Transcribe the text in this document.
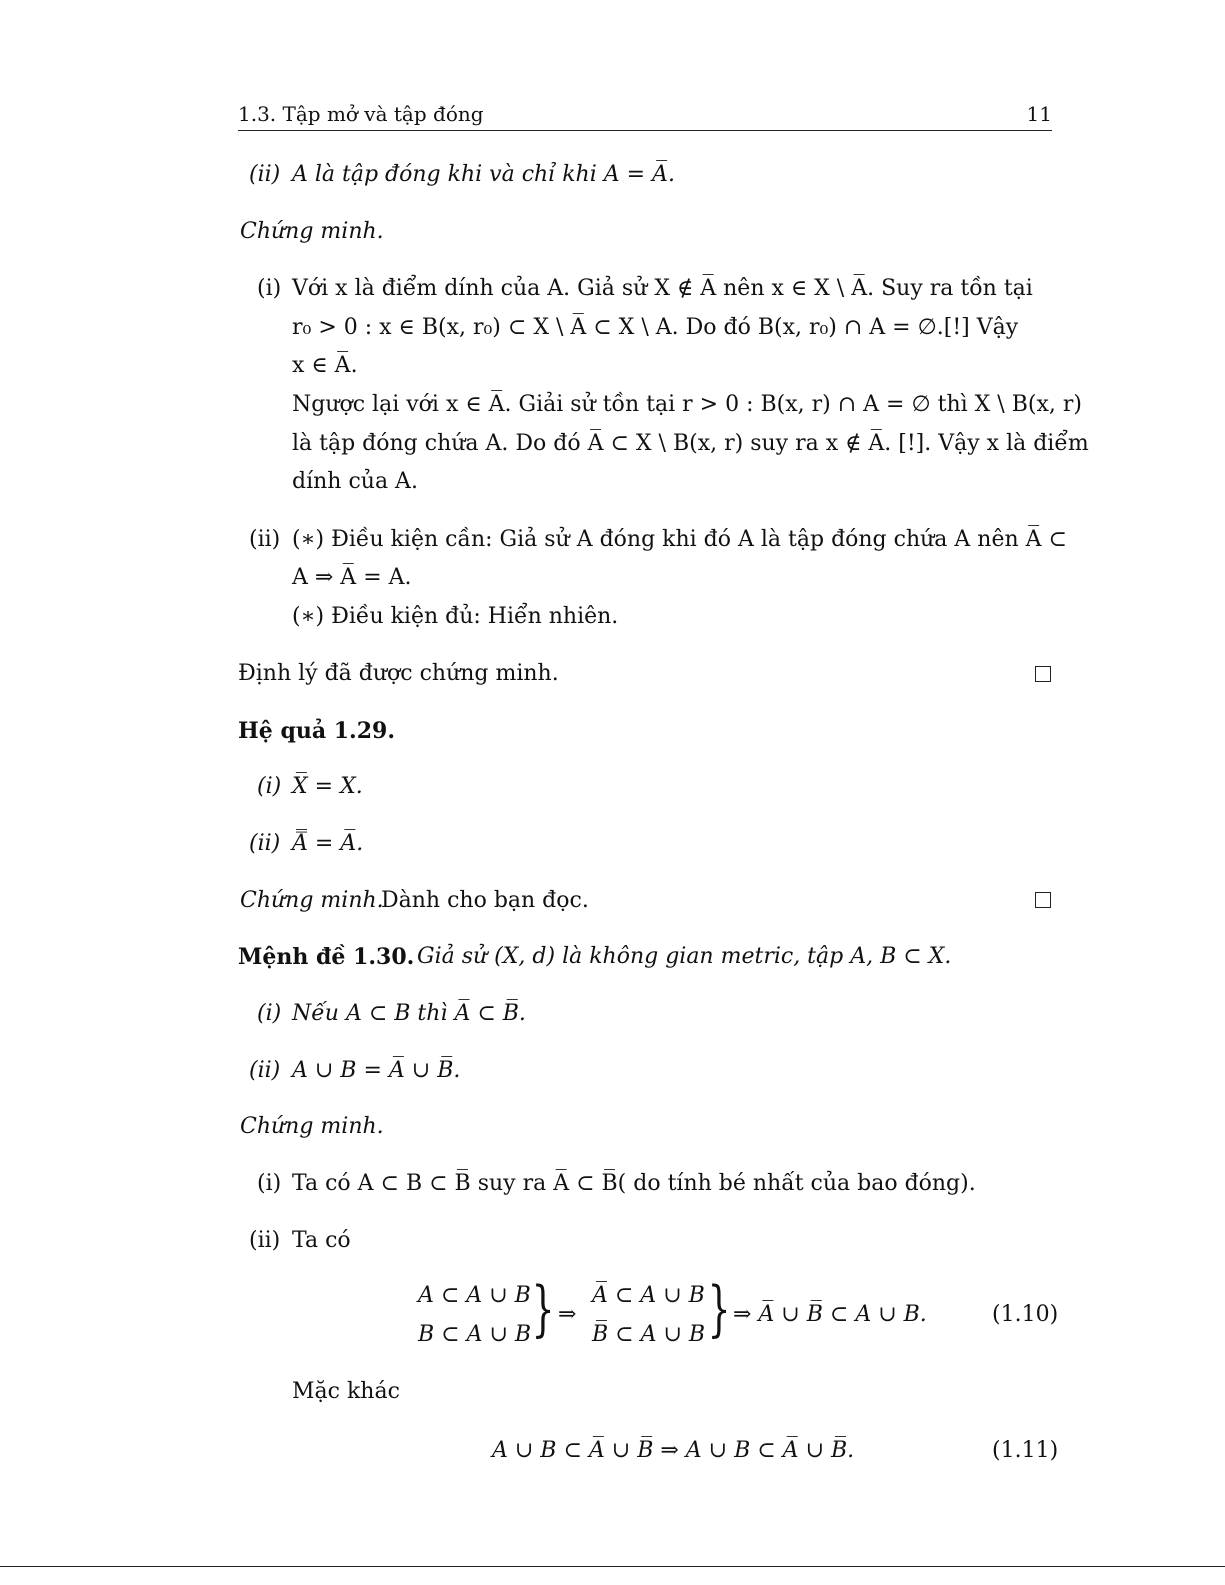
1.3. Tập mở và tập đóng	11
(ii) A là tập đóng khi và chỉ khi A = A̅.
Chứng minh.
(i) Với x là điểm dính của A. Giả sử X ∉ A̅ nên x ∈ X \ A̅. Suy ra tồn tại
r₀ > 0 : x ∈ B(x, r₀) ⊂ X \ A̅ ⊂ X \ A. Do đó B(x, r₀) ∩ A = ∅.[!] Vậy
x ∈ A̅.
Ngược lại với x ∈ A̅. Giải sử tồn tại r > 0 : B(x, r) ∩ A = ∅ thì X \ B(x, r)
là tập đóng chứa A. Do đó A̅ ⊂ X \ B(x, r) suy ra x ∉ A̅. [!]. Vậy x là điểm
dính của A.
(ii) (∗) Điều kiện cần: Giả sử A đóng khi đó A là tập đóng chứa A nên A̅ ⊂
A ⇒ A̅ = A.
(∗) Điều kiện đủ: Hiển nhiên.
Định lý đã được chứng minh.
Hệ quả 1.29.
(i) X̅ = X.
(ii) A̿ = A̅.
Chứng minh.
Dành cho bạn đọc.
Mệnh đề 1.30. Giả sử (X, d) là không gian metric, tập A, B ⊂ X.
(i) Nếu A ⊂ B thì A̅ ⊂ B̅.
(ii) A ∪ B = A̅ ∪ B̅.
Chứng minh.
(i) Ta có A ⊂ B ⊂ B̅ suy ra A̅ ⊂ B̅( do tính bé nhất của bao đóng).
(ii) Ta có
A ⊂ A ∪ B
B ⊂ A ∪ B } ⇒
A̅ ⊂ A ∪ B
B̅ ⊂ A ∪ B } ⇒ A̅ ∪ B̅ ⊂ A ∪ B.	(1.10)
Mặc khác
A ∪ B ⊂ A̅ ∪ B̅ ⇒ A ∪ B ⊂ A̅ ∪ B̅.	(1.11)
